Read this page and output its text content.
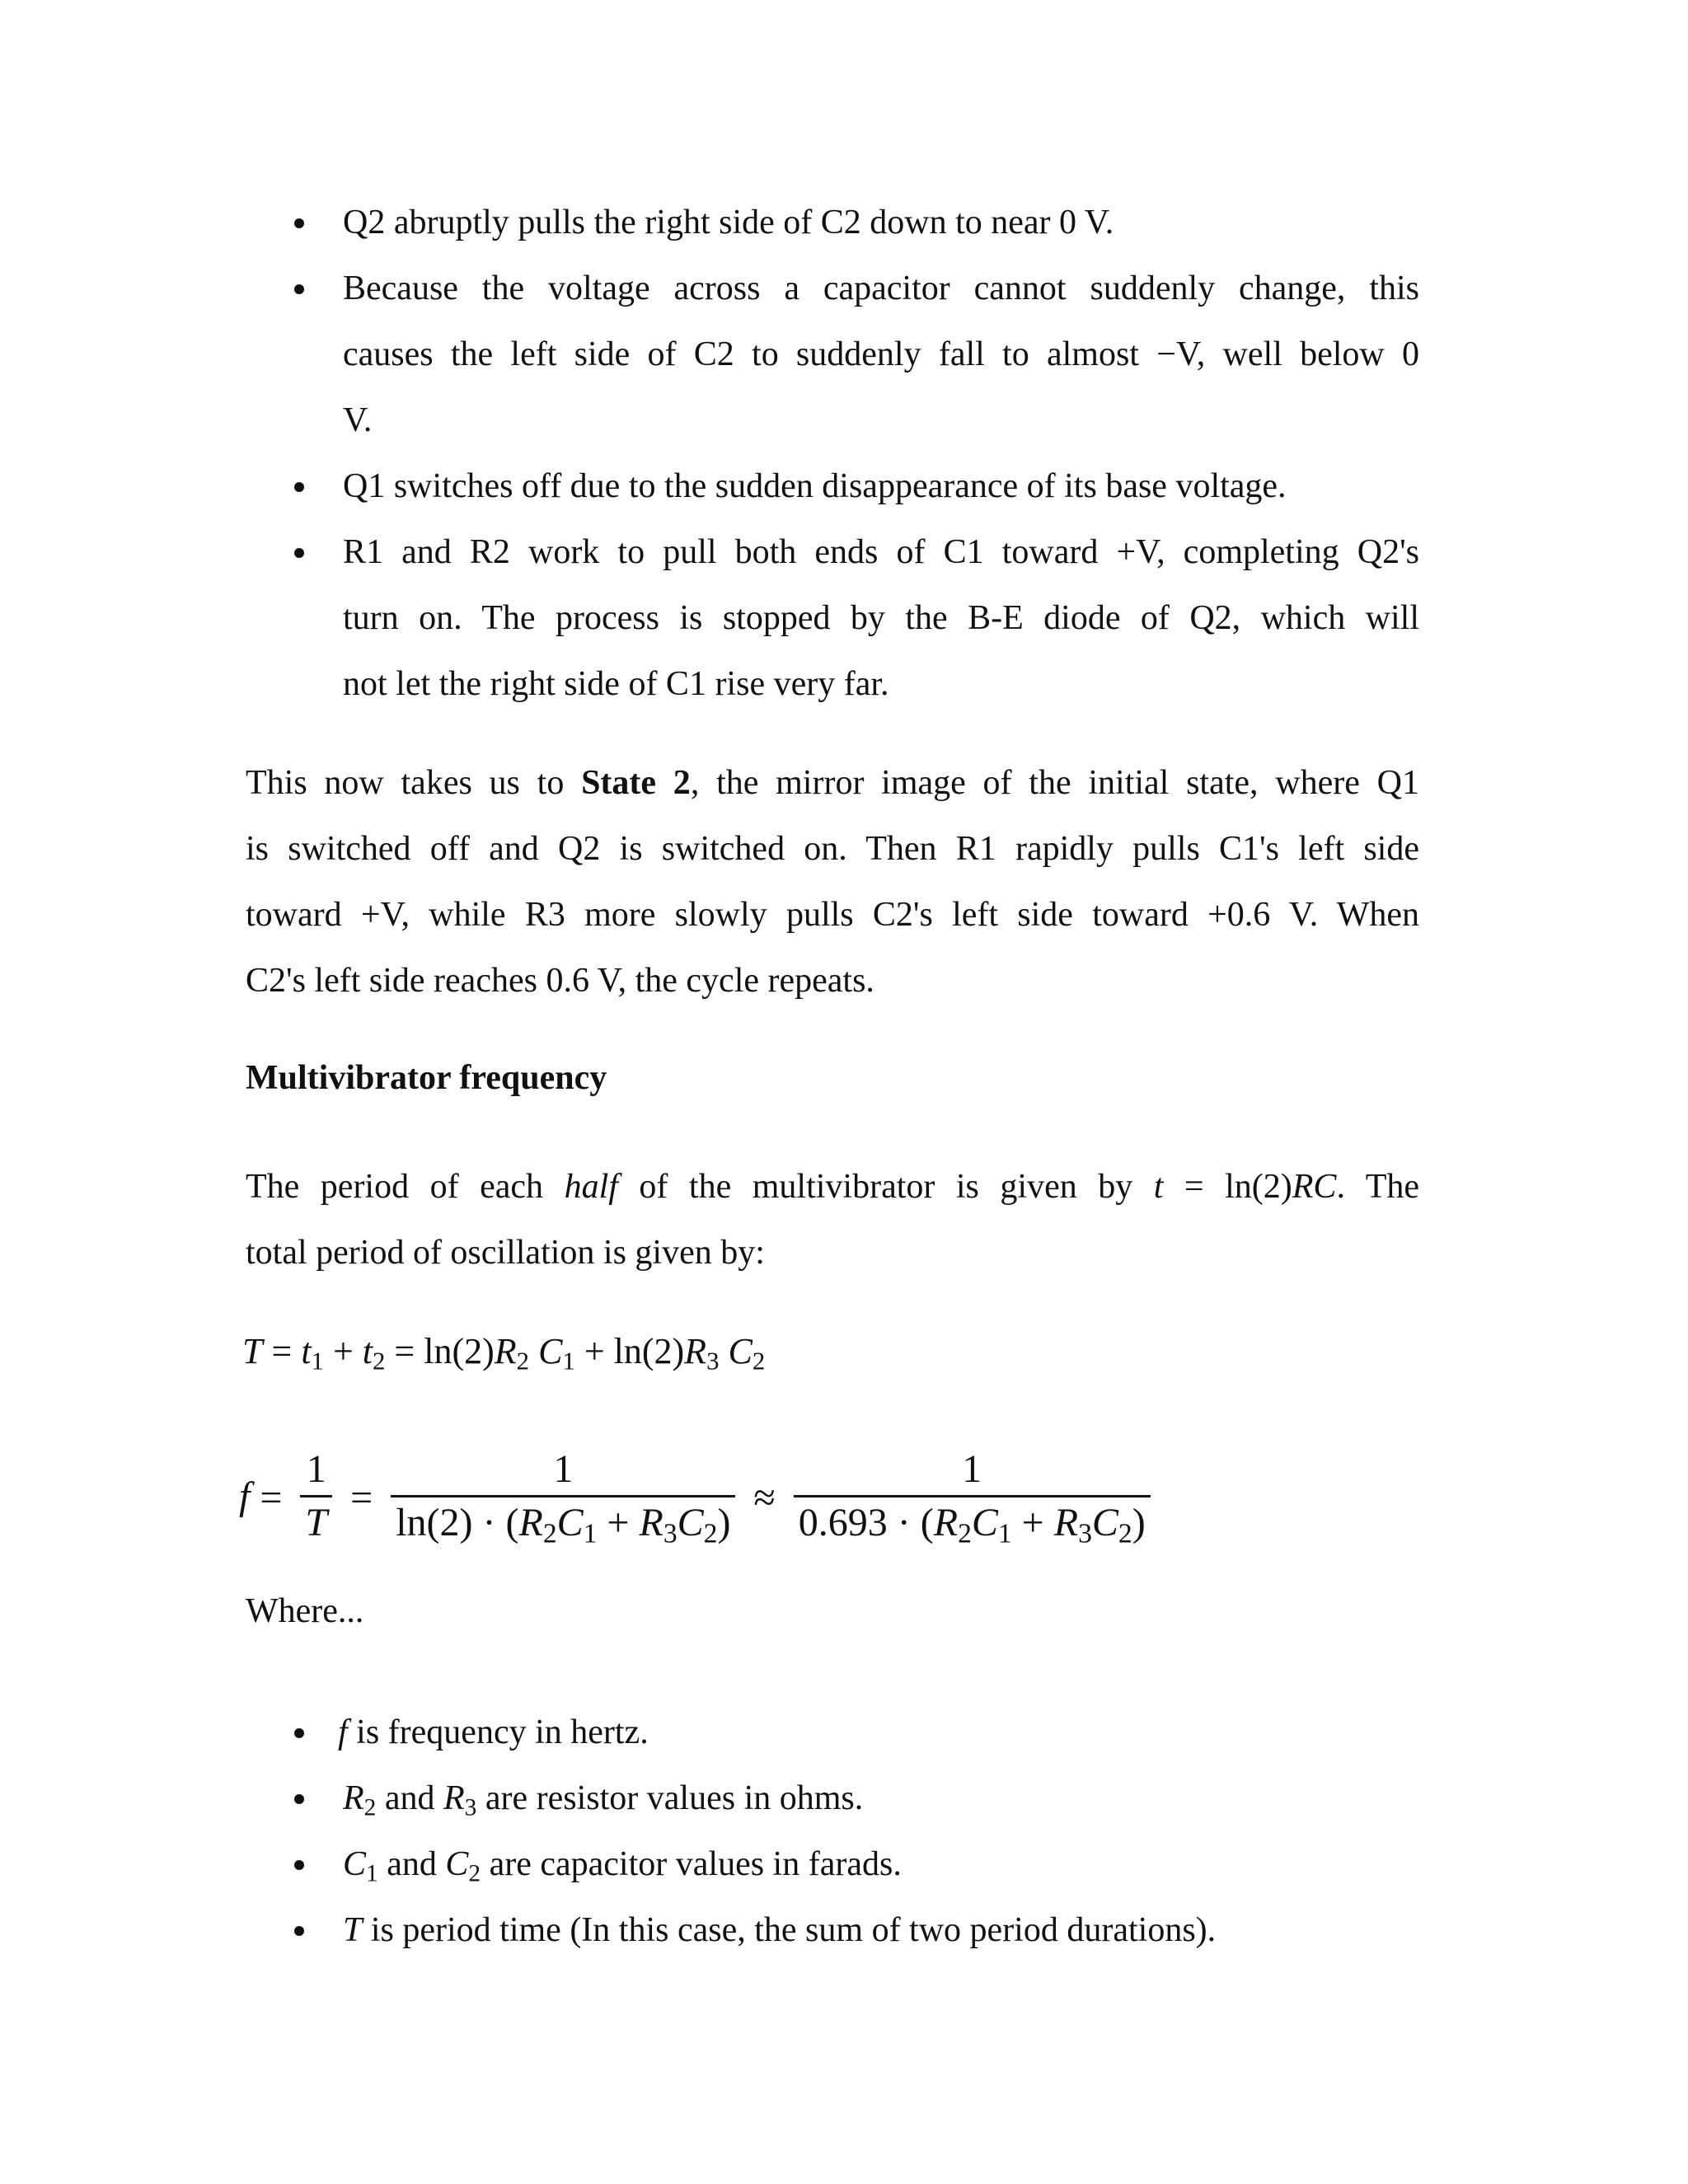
Q2 abruptly pulls the right side of C2 down to near 0 V.
Because the voltage across a capacitor cannot suddenly change, this
causes the left side of C2 to suddenly fall to almost −V, well below 0
V.
Q1 switches off due to the sudden disappearance of its base voltage.
R1 and R2 work to pull both ends of C1 toward +V, completing Q2's
turn on. The process is stopped by the B-E diode of Q2, which will
not let the right side of C1 rise very far.
This now takes us to State 2, the mirror image of the initial state, where Q1
is switched off and Q2 is switched on. Then R1 rapidly pulls C1's left side
toward +V, while R3 more slowly pulls C2's left side toward +0.6 V. When
C2's left side reaches 0.6 V, the cycle repeats.
Multivibrator frequency
The period of each half of the multivibrator is given by t = ln(2)RC. The
total period of oscillation is given by:
$T = t_1 + t_2 = \ln(2)R_2$ $C_1 + \ln(2)R_3$ $C_2$
$f = \frac{1}{T} = \frac{1}{\ln(2) \cdot (R_2C_1 + R_3C_2)} \approx \frac{1}{0.693 \cdot (R_2C_1 + R_3C_2)}$
Where...
f is frequency in hertz.
$R_2$ and $R_3$ are resistor values in ohms.
$C_1$ and $C_2$ are capacitor values in farads.
T is period time (In this case, the sum of two period durations).
